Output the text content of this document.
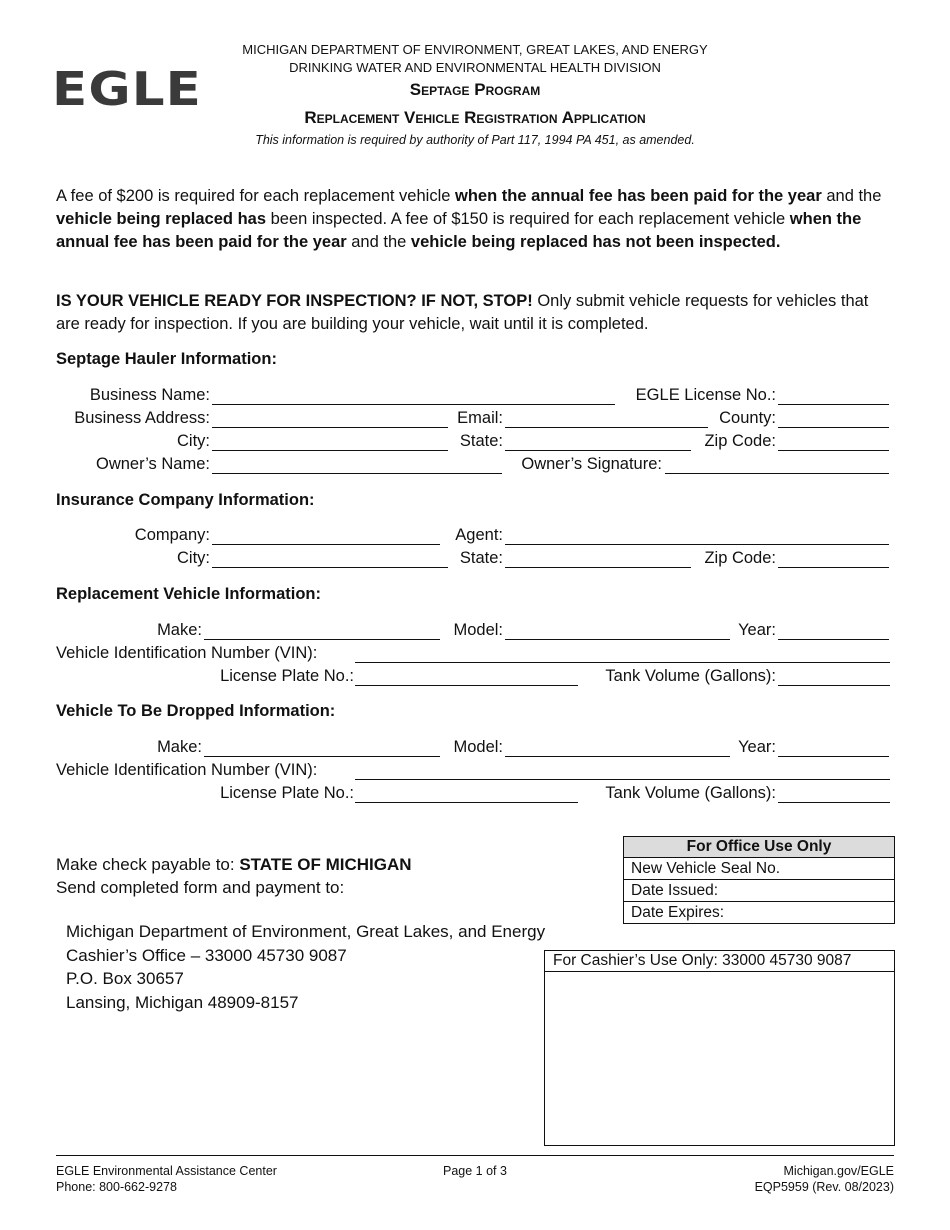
EGLE
MICHIGAN DEPARTMENT OF ENVIRONMENT, GREAT LAKES, AND ENERGY
DRINKING WATER AND ENVIRONMENTAL HEALTH DIVISION
Septage Program
Replacement Vehicle Registration Application
This information is required by authority of Part 117, 1994 PA 451, as amended.
A fee of $200 is required for each replacement vehicle when the annual fee has been paid for the year and the vehicle being replaced has been inspected. A fee of $150 is required for each replacement vehicle when the annual fee has been paid for the year and the vehicle being replaced has not been inspected.
IS YOUR VEHICLE READY FOR INSPECTION? IF NOT, STOP! Only submit vehicle requests for vehicles that are ready for inspection. If you are building your vehicle, wait until it is completed.
Septage Hauler Information:
Business Name:	EGLE License No.:
Business Address:	Email:	County:
City:	State:	Zip Code:
Owner’s Name:	Owner’s Signature:
Insurance Company Information:
Company:	Agent:
City:	State:	Zip Code:
Replacement Vehicle Information:
Make:	Model:	Year:
Vehicle Identification Number (VIN):
License Plate No.:	Tank Volume (Gallons):
Vehicle To Be Dropped Information:
Make:	Model:	Year:
Vehicle Identification Number (VIN):
License Plate No.:	Tank Volume (Gallons):
Make check payable to: STATE OF MICHIGAN
Send completed form and payment to:
Michigan Department of Environment, Great Lakes, and Energy
Cashier’s Office – 33000 45730 9087
P.O. Box 30657
Lansing, Michigan 48909-8157
For Office Use Only
New Vehicle Seal No.
Date Issued:
Date Expires:
For Cashier’s Use Only: 33000 45730 9087
EGLE Environmental Assistance Center
Phone: 800-662-9278
Page 1 of 3	Michigan.gov/EGLE
EQP5959 (Rev. 08/2023)
